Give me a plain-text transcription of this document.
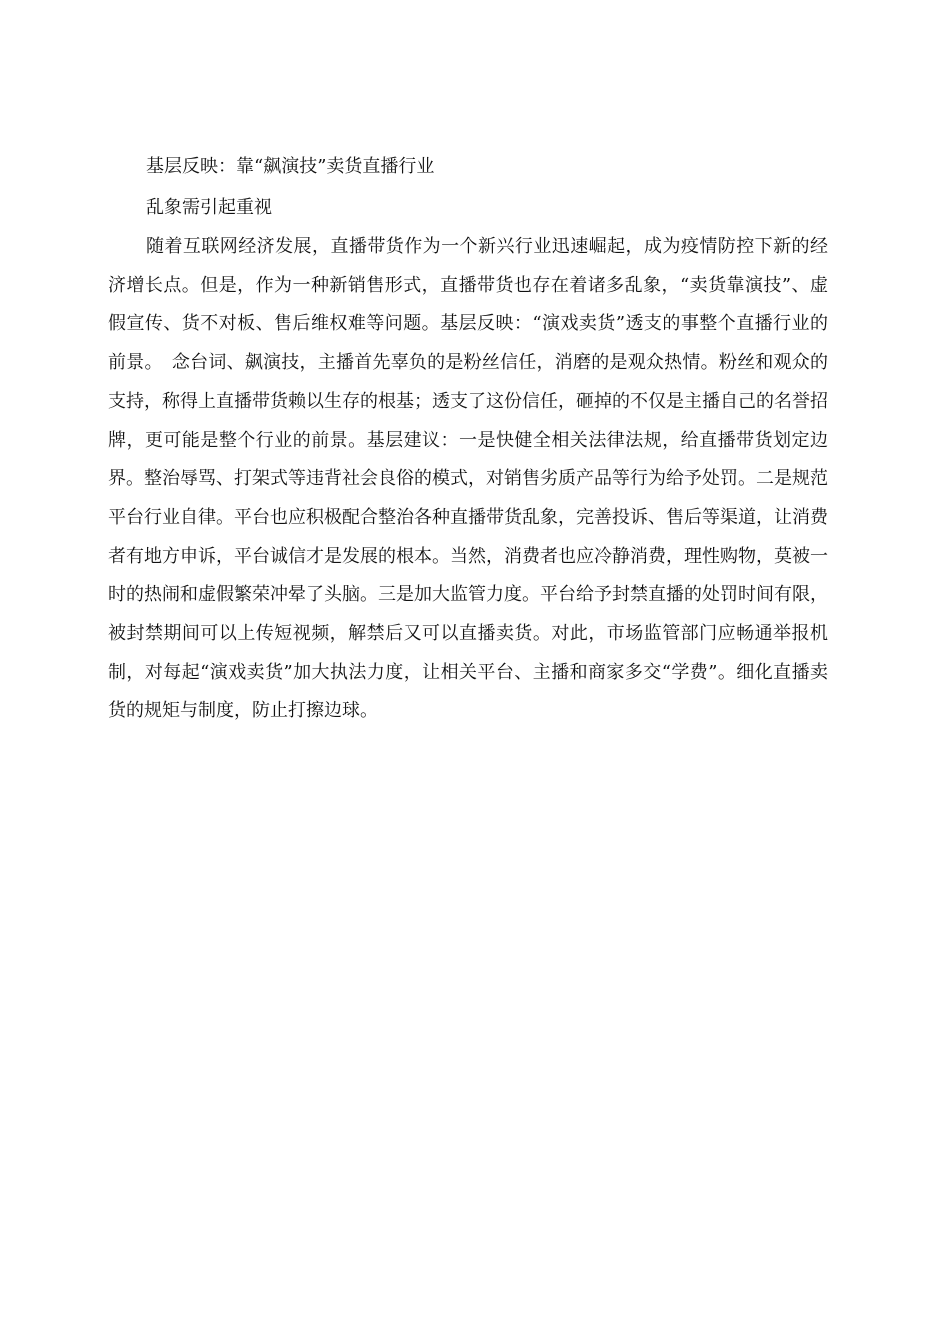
基层反映：靠“飙演技”卖货直播行业

乱象需引起重视

随着互联网经济发展，直播带货作为一个新兴行业迅速崛起，成为疫情防控下新的经济增长点。但是，作为一种新销售形式，直播带货也存在着诸多乱象，“卖货靠演技”、虚假宣传、货不对板、售后维权难等问题。基层反映：“演戏卖货”透支的事整个直播行业的前景。　念台词、飙演技，主播首先辜负的是粉丝信任，消磨的是观众热情。粉丝和观众的支持，称得上直播带货赖以生存的根基；透支了这份信任，砸掉的不仅是主播自己的名誉招牌，更可能是整个行业的前景。基层建议：一是快健全相关法律法规，给直播带货划定边界。整治辱骂、打架式等违背社会良俗的模式，对销售劣质产品等行为给予处罚。二是规范平台行业自律。平台也应积极配合整治各种直播带货乱象，完善投诉、售后等渠道，让消费者有地方申诉，平台诚信才是发展的根本。当然，消费者也应冷静消费，理性购物，莫被一时的热闹和虚假繁荣冲晕了头脑。三是加大监管力度。平台给予封禁直播的处罚时间有限，被封禁期间可以上传短视频，解禁后又可以直播卖货。对此，市场监管部门应畅通举报机制，对每起“演戏卖货”加大执法力度，让相关平台、主播和商家多交“学费”。细化直播卖货的规矩与制度，防止打擦边球。
